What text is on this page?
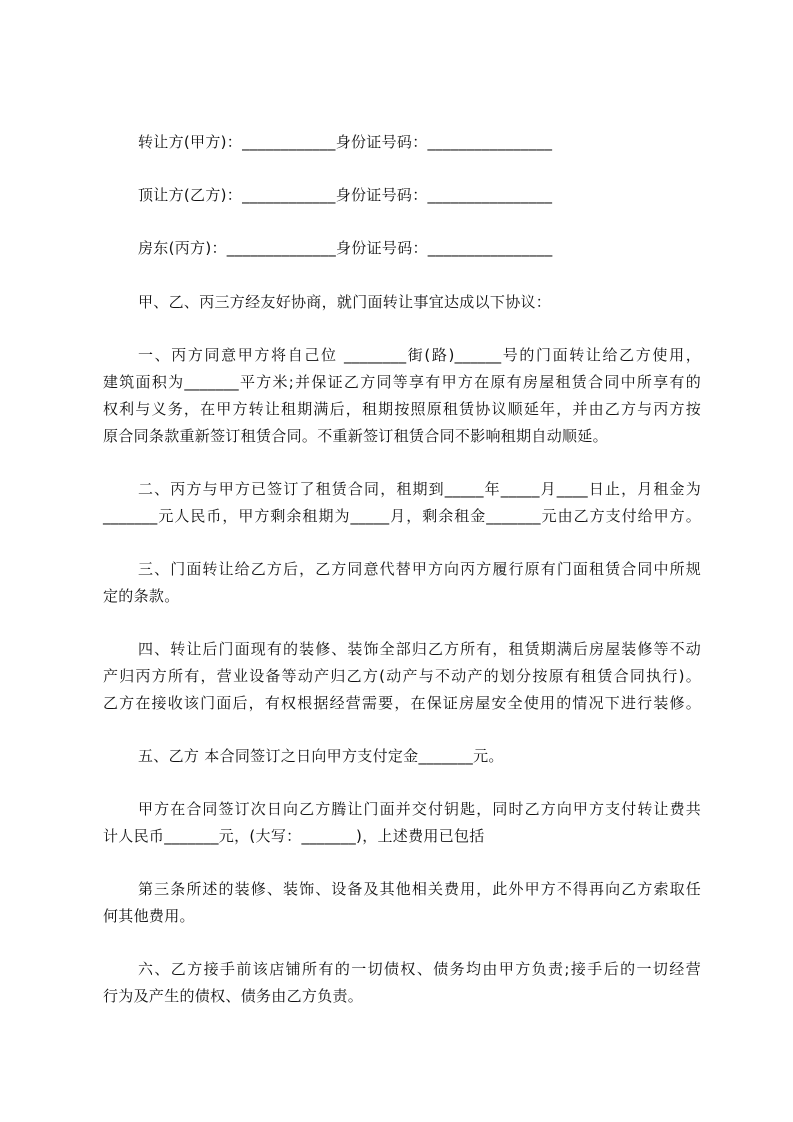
转让方(甲方)：____________身份证号码：________________
顶让方(乙方)：____________身份证号码：________________
房东(丙方)：______________身份证号码：________________
甲、乙、丙三方经友好协商，就门面转让事宜达成以下协议：
一、丙方同意甲方将自己位 ________街(路)______号的门面转让给乙方使用，
建筑面积为_______平方米;并保证乙方同等享有甲方在原有房屋租赁合同中所享有的
权利与义务，在甲方转让租期满后，租期按照原租赁协议顺延年，并由乙方与丙方按
原合同条款重新签订租赁合同。不重新签订租赁合同不影响租期自动顺延。
二、丙方与甲方已签订了租赁合同，租期到_____年_____月____日止，月租金为
_______元人民币，甲方剩余租期为_____月，剩余租金_______元由乙方支付给甲方。
三、门面转让给乙方后，乙方同意代替甲方向丙方履行原有门面租赁合同中所规
定的条款。
四、转让后门面现有的装修、装饰全部归乙方所有，租赁期满后房屋装修等不动
产归丙方所有，营业设备等动产归乙方(动产与不动产的划分按原有租赁合同执行)。
乙方在接收该门面后，有权根据经营需要，在保证房屋安全使用的情况下进行装修。
五、乙方 本合同签订之日向甲方支付定金_______元。
甲方在合同签订次日向乙方腾让门面并交付钥匙，同时乙方向甲方支付转让费共
计人民币_______元，(大写：_______)，上述费用已包括
第三条所述的装修、装饰、设备及其他相关费用，此外甲方不得再向乙方索取任
何其他费用。
六、乙方接手前该店铺所有的一切债权、债务均由甲方负责;接手后的一切经营
行为及产生的债权、债务由乙方负责。
